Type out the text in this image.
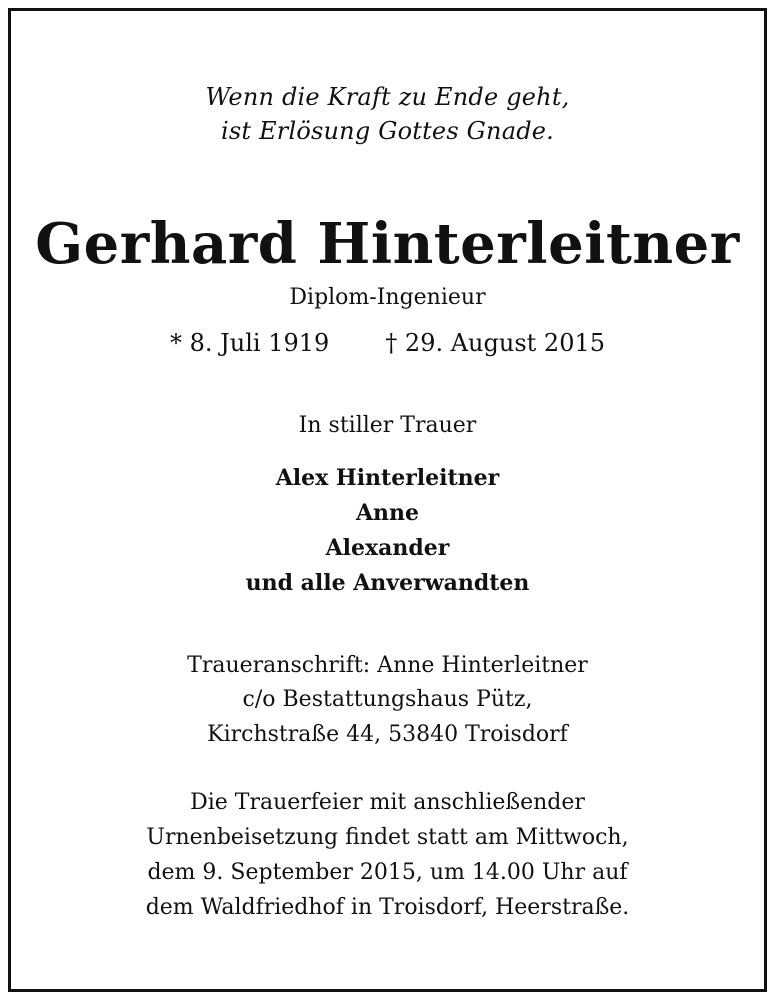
Wenn die Kraft zu Ende geht,
ist Erlösung Gottes Gnade.
Gerhard Hinterleitner
Diplom-Ingenieur
* 8. Juli 1919 † 29. August 2015
In stiller Trauer
Alex Hinterleitner
Anne
Alexander
und alle Anverwandten
Traueranschrift: Anne Hinterleitner
c/o Bestattungshaus Pütz,
Kirchstraße 44, 53840 Troisdorf
Die Trauerfeier mit anschließender
Urnenbeisetzung findet statt am Mittwoch,
dem 9. September 2015, um 14.00 Uhr auf
dem Waldfriedhof in Troisdorf, Heerstraße.
